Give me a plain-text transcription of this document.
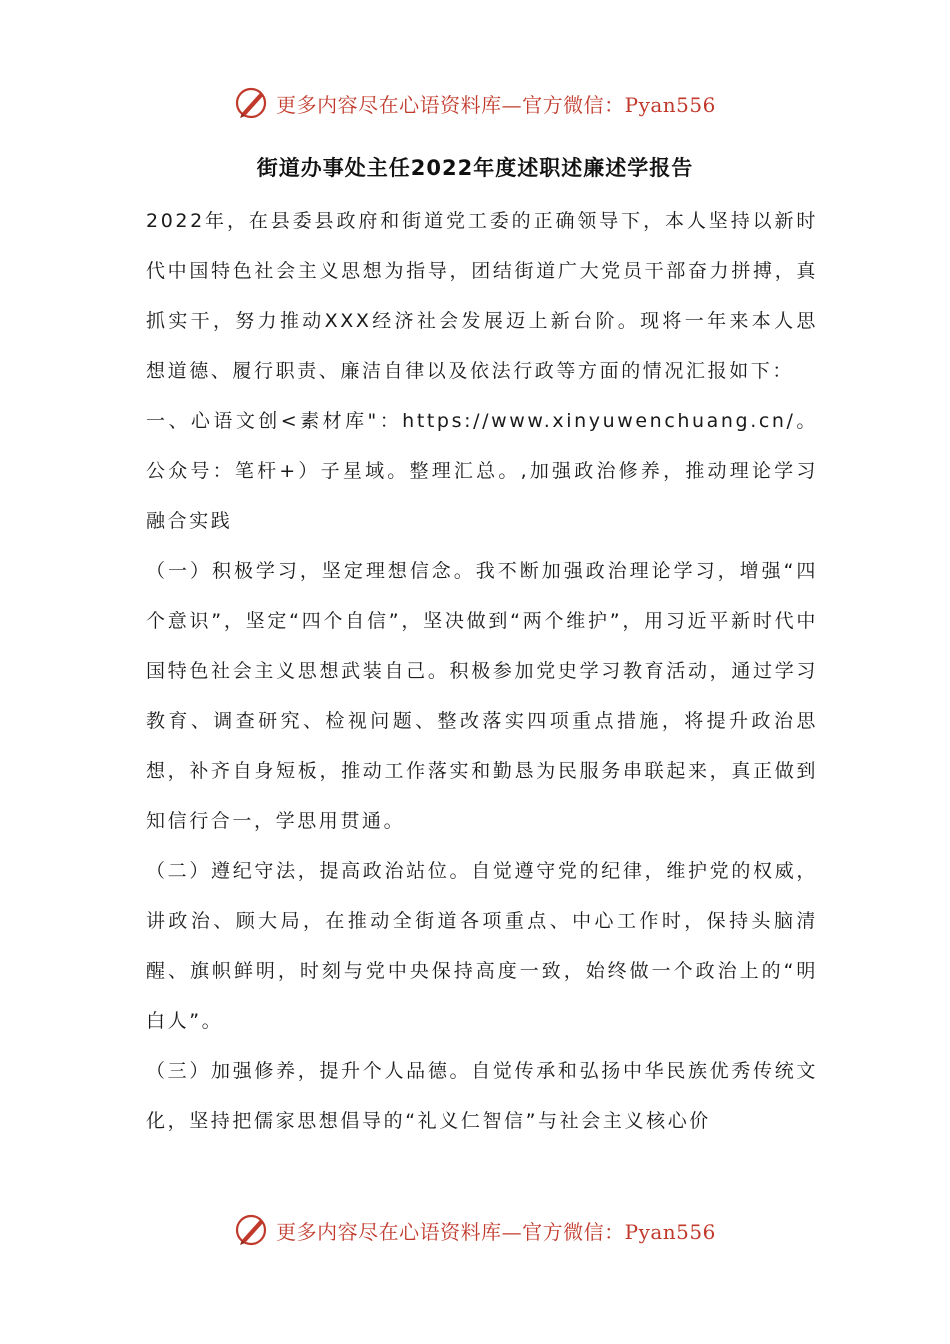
更多内容尽在心语资料库—官方微信：Pyan556
街道办事处主任2022年度述职述廉述学报告

2022年，在县委县政府和街道党工委的正确领导下，本人坚持以新时代中国特色社会主义思想为指导，团结街道广大党员干部奋力拼搏，真抓实干，努力推动XXX经济社会发展迈上新台阶。现将一年来本人思想道德、履行职责、廉洁自律以及依法行政等方面的情况汇报如下：

一、心语文创<素材库"：https://www.xinyuwenchuang.cn/。公众号：笔杆+）子星域。整理汇总。,加强政治修养，推动理论学习融合实践

（一）积极学习，坚定理想信念。我不断加强政治理论学习，增强“四个意识”，坚定“四个自信”，坚决做到“两个维护”，用习近平新时代中国特色社会主义思想武装自己。积极参加党史学习教育活动，通过学习教育、调查研究、检视问题、整改落实四项重点措施，将提升政治思想，补齐自身短板，推动工作落实和勤恳为民服务串联起来，真正做到知信行合一，学思用贯通。

（二）遵纪守法，提高政治站位。自觉遵守党的纪律，维护党的权威，讲政治、顾大局，在推动全街道各项重点、中心工作时，保持头脑清醒、旗帜鲜明，时刻与党中央保持高度一致，始终做一个政治上的“明白人”。

（三）加强修养，提升个人品德。自觉传承和弘扬中华民族优秀传统文化，坚持把儒家思想倡导的“礼义仁智信”与社会主义核心价

更多内容尽在心语资料库—官方微信：Pyan556
